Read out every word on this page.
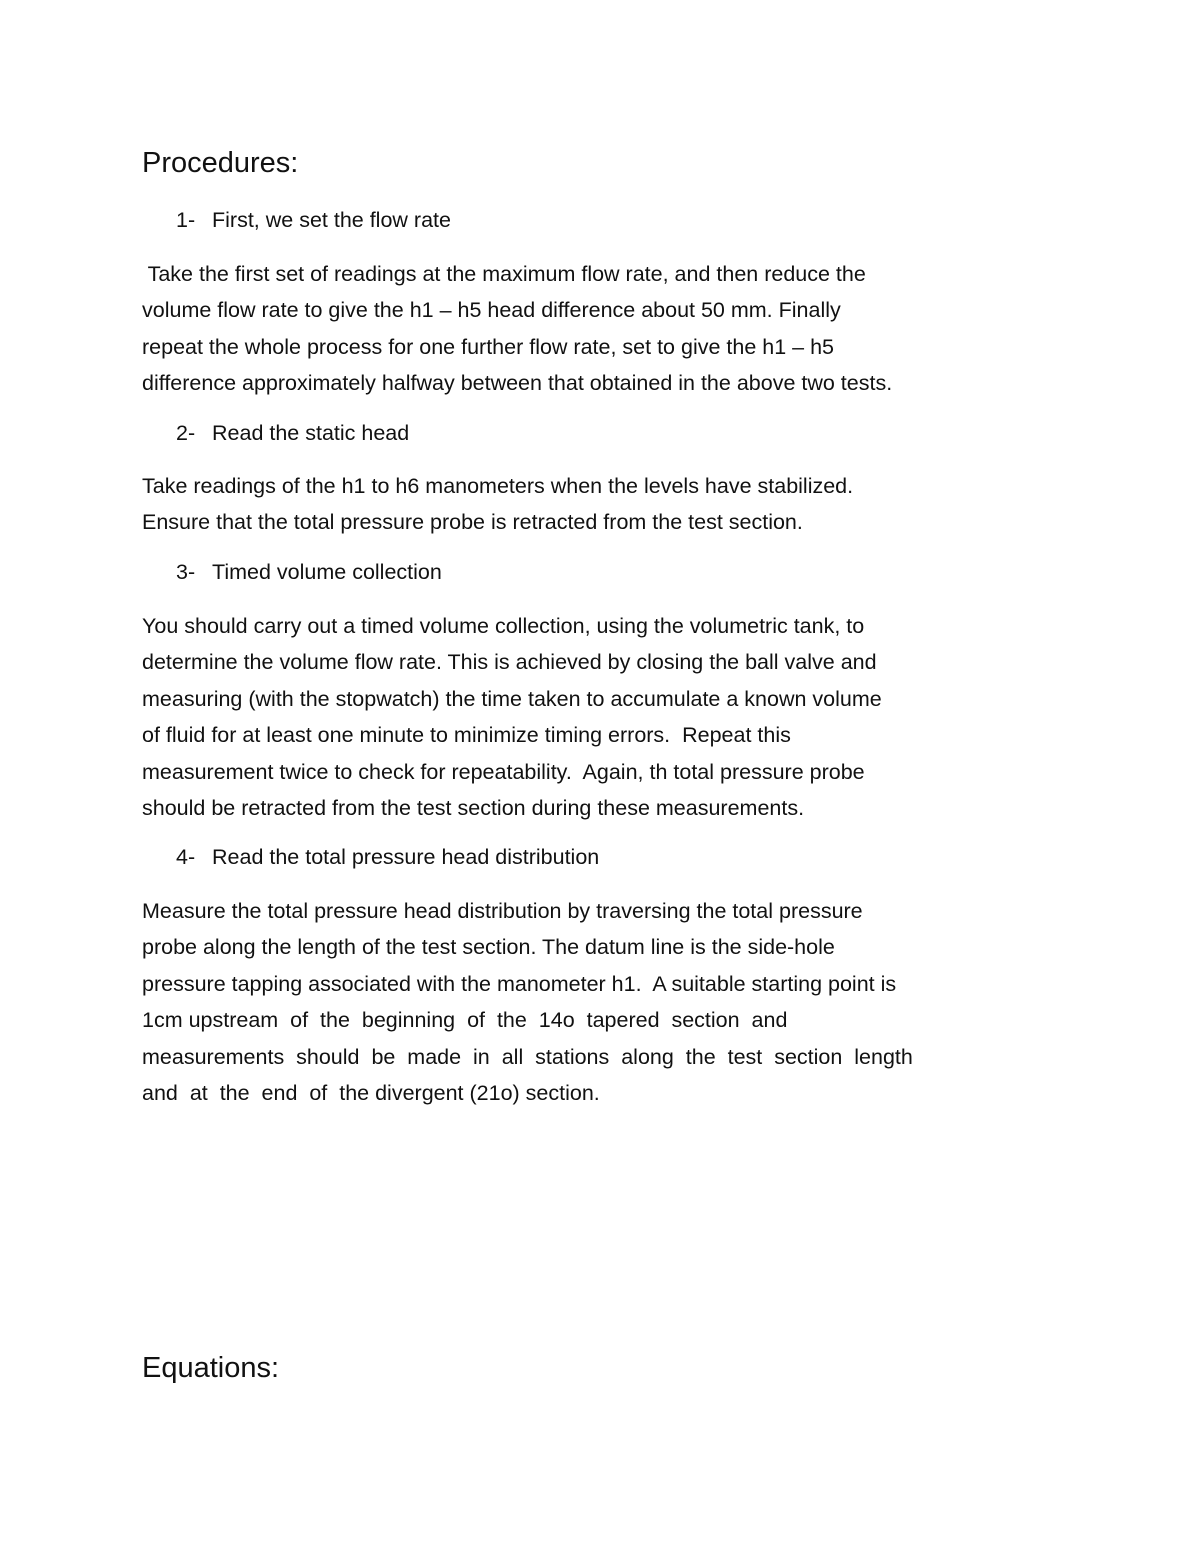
Procedures:
1- First, we set the flow rate
Take the first set of readings at the maximum flow rate, and then reduce the
volume flow rate to give the h1 – h5 head difference about 50 mm. Finally
repeat the whole process for one further flow rate, set to give the h1 – h5
difference approximately halfway between that obtained in the above two tests.
2- Read the static head
Take readings of the h1 to h6 manometers when the levels have stabilized.
Ensure that the total pressure probe is retracted from the test section.
3- Timed volume collection
You should carry out a timed volume collection, using the volumetric tank, to
determine the volume flow rate. This is achieved by closing the ball valve and
measuring (with the stopwatch) the time taken to accumulate a known volume
of fluid for at least one minute to minimize timing errors.  Repeat this
measurement twice to check for repeatability.  Again, th total pressure probe
should be retracted from the test section during these measurements.
4- Read the total pressure head distribution
Measure the total pressure head distribution by traversing the total pressure
probe along the length of the test section. The datum line is the side-hole
pressure tapping associated with the manometer h1.  A suitable starting point is
1cm upstream  of  the  beginning  of  the  14o  tapered  section  and
measurements  should  be  made  in  all  stations  along  the  test  section  length
and  at  the  end  of  the divergent (21o) section.
Equations:
